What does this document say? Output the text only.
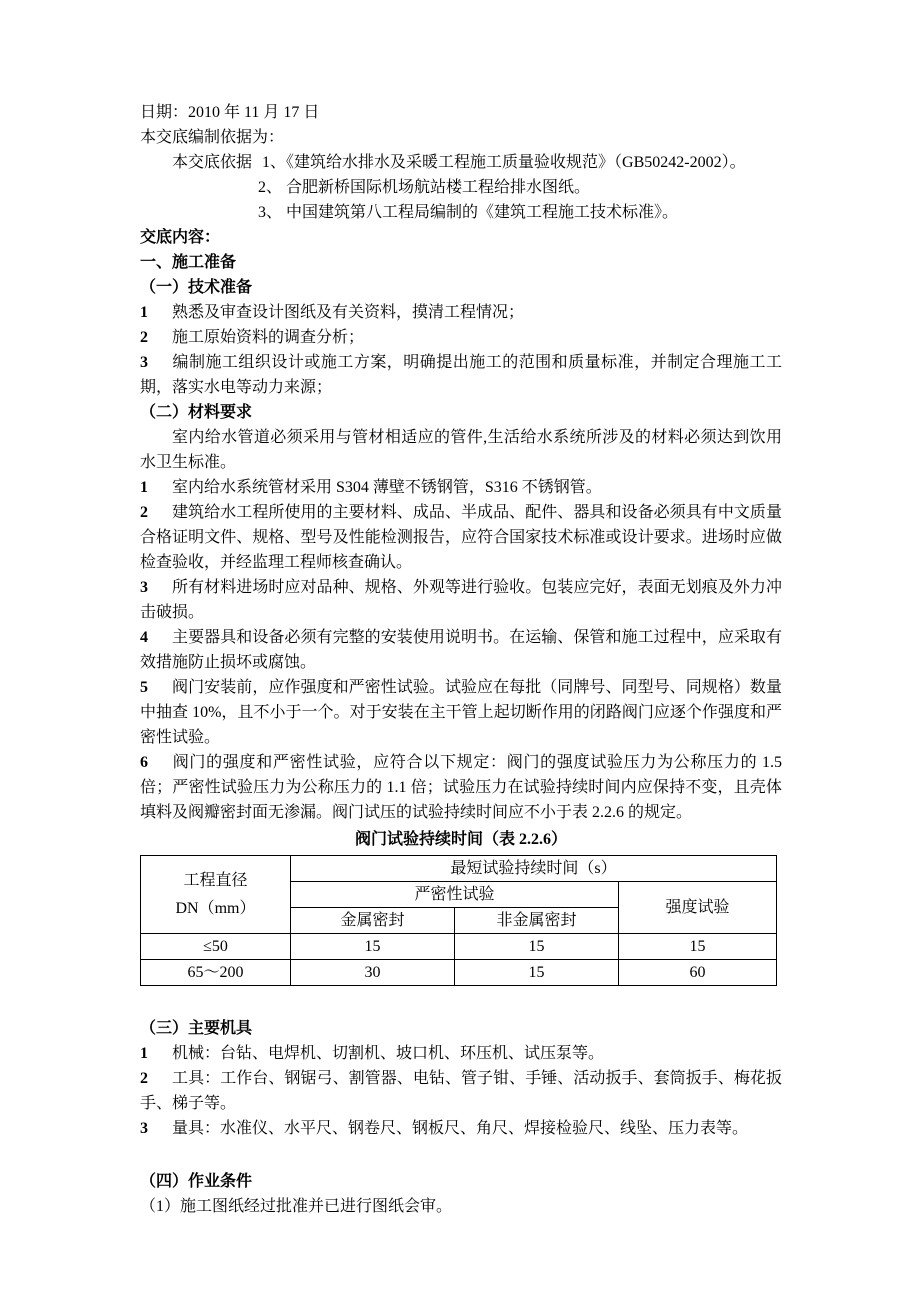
日期：2010 年 11 月 17 日

本交底编制依据为：

本交底依据 1、《建筑给水排水及采暖工程施工质量验收规范》（GB50242-2002）。

2、 合肥新桥国际机场航站楼工程给排水图纸。

3、 中国建筑第八工程局编制的《建筑工程施工技术标准》。

交底内容：

一、施工准备

（一）技术准备

1 熟悉及审查设计图纸及有关资料，摸清工程情况；

2 施工原始资料的调查分析；

3 编制施工组织设计或施工方案，明确提出施工的范围和质量标准，并制定合理施工工期，落实水电等动力来源；

（二）材料要求

室内给水管道必须采用与管材相适应的管件,生活给水系统所涉及的材料必须达到饮用水卫生标准。

1 室内给水系统管材采用 S304 薄壁不锈钢管，S316 不锈钢管。

2 建筑给水工程所使用的主要材料、成品、半成品、配件、器具和设备必须具有中文质量合格证明文件、规格、型号及性能检测报告，应符合国家技术标准或设计要求。进场时应做检查验收，并经监理工程师核查确认。

3 所有材料进场时应对品种、规格、外观等进行验收。包装应完好，表面无划痕及外力冲击破损。

4 主要器具和设备必须有完整的安装使用说明书。在运输、保管和施工过程中，应采取有效措施防止损坏或腐蚀。

5 阀门安装前，应作强度和严密性试验。试验应在每批（同牌号、同型号、同规格）数量中抽查 10%，且不小于一个。对于安装在主干管上起切断作用的闭路阀门应逐个作强度和严密性试验。

6 阀门的强度和严密性试验，应符合以下规定：阀门的强度试验压力为公称压力的 1.5 倍；严密性试验压力为公称压力的 1.1 倍；试验压力在试验持续时间内应保持不变，且壳体填料及阀瓣密封面无渗漏。阀门试压的试验持续时间应不小于表 2.2.6 的规定。

阀门试验持续时间（表 2.2.6）

工程直径
DN（mm）	最短试验持续时间（s）		
	严密性试验		强度试验
	金属密封	非金属密封	
≤50	15	15	15
65～200	30	15	60

（三）主要机具

1 机械：台钻、电焊机、切割机、坡口机、环压机、试压泵等。

2 工具：工作台、钢锯弓、割管器、电钻、管子钳、手锤、活动扳手、套筒扳手、梅花扳手、梯子等。

3 量具：水准仪、水平尺、钢卷尺、钢板尺、角尺、焊接检验尺、线坠、压力表等。

（四）作业条件

（1）施工图纸经过批准并已进行图纸会审。
